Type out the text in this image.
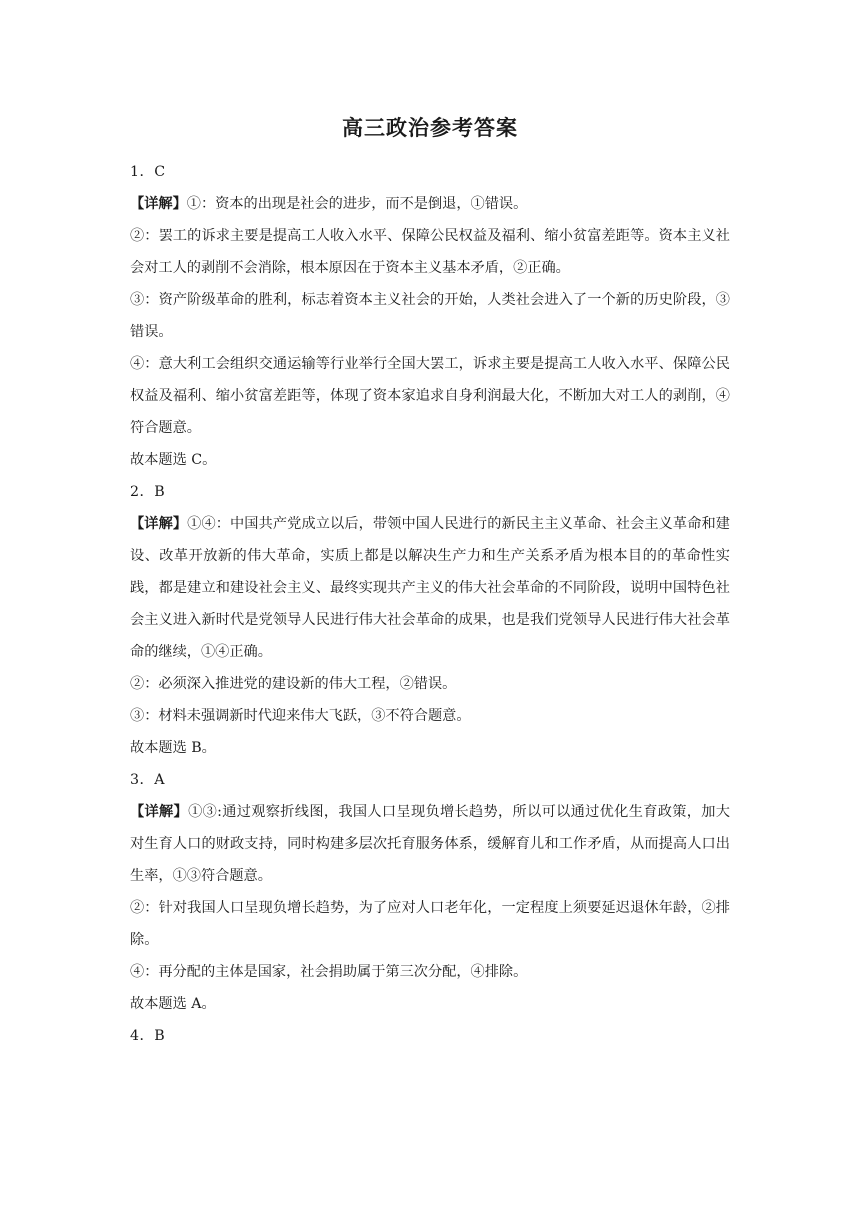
高三政治参考答案

1．C

【详解】①：资本的出现是社会的进步，而不是倒退，①错误。

②：罢工的诉求主要是提高工人收入水平、保障公民权益及福利、缩小贫富差距等。资本主义社会对工人的剥削不会消除，根本原因在于资本主义基本矛盾，②正确。

③：资产阶级革命的胜利，标志着资本主义社会的开始，人类社会进入了一个新的历史阶段，③错误。

④：意大利工会组织交通运输等行业举行全国大罢工，诉求主要是提高工人收入水平、保障公民权益及福利、缩小贫富差距等，体现了资本家追求自身利润最大化，不断加大对工人的剥削，④符合题意。

故本题选 C。

2．B

【详解】①④：中国共产党成立以后，带领中国人民进行的新民主主义革命、社会主义革命和建设、改革开放新的伟大革命，实质上都是以解决生产力和生产关系矛盾为根本目的的革命性实践，都是建立和建设社会主义、最终实现共产主义的伟大社会革命的不同阶段，说明中国特色社会主义进入新时代是党领导人民进行伟大社会革命的成果，也是我们党领导人民进行伟大社会革命的继续，①④正确。

②：必须深入推进党的建设新的伟大工程，②错误。

③：材料未强调新时代迎来伟大飞跃，③不符合题意。

故本题选 B。

3．A

【详解】①③:通过观察折线图，我国人口呈现负增长趋势，所以可以通过优化生育政策，加大对生育人口的财政支持，同时构建多层次托育服务体系，缓解育儿和工作矛盾，从而提高人口出生率，①③符合题意。

②：针对我国人口呈现负增长趋势，为了应对人口老年化，一定程度上须要延迟退休年龄，②排除。

④：再分配的主体是国家，社会捐助属于第三次分配，④排除。

故本题选 A。

4．B
